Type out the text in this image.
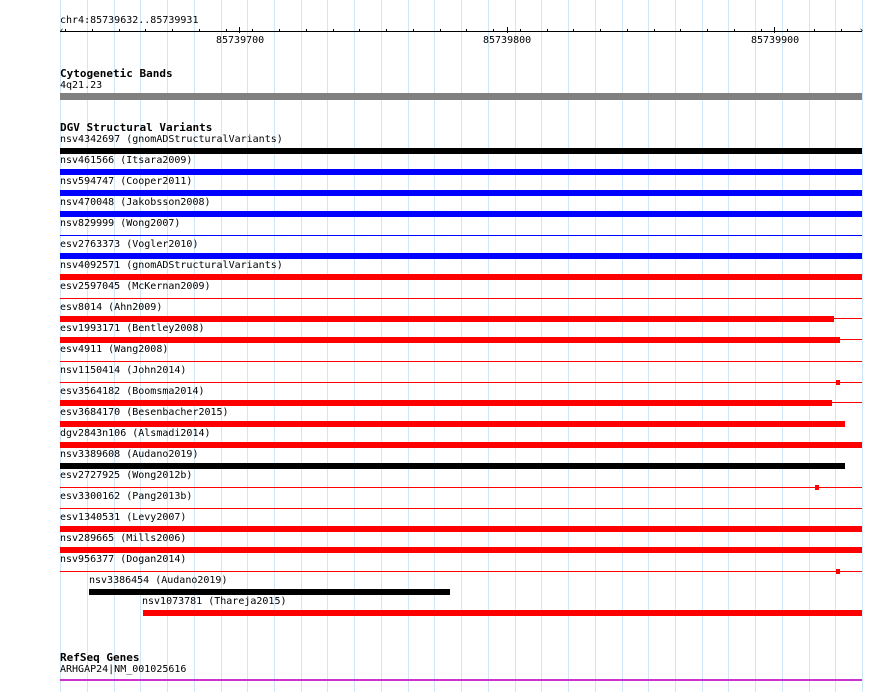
chr4:85739632..85739931
‹	›
85739700	85739800	85739900
Cytogenetic Bands
4q21.23
DGV Structural Variants
nsv4342697 (gnomADStructuralVariants)
nsv461566 (Itsara2009)
nsv594747 (Cooper2011)
nsv470048 (Jakobsson2008)
nsv829999 (Wong2007)
esv2763373 (Vogler2010)
nsv4092571 (gnomADStructuralVariants)
esv2597045 (McKernan2009)
esv8014 (Ahn2009)
esv1993171 (Bentley2008)
esv4911 (Wang2008)
nsv1150414 (John2014)
esv3564182 (Boomsma2014)
esv3684170 (Besenbacher2015)
dgv2843n106 (Alsmadi2014)
nsv3389608 (Audano2019)
esv2727925 (Wong2012b)
esv3300162 (Pang2013b)
esv1340531 (Levy2007)
nsv289665 (Mills2006)
nsv956377 (Dogan2014)
nsv3386454 (Audano2019)
nsv1073781 (Thareja2015)
RefSeq Genes
ARHGAP24|NM_001025616
